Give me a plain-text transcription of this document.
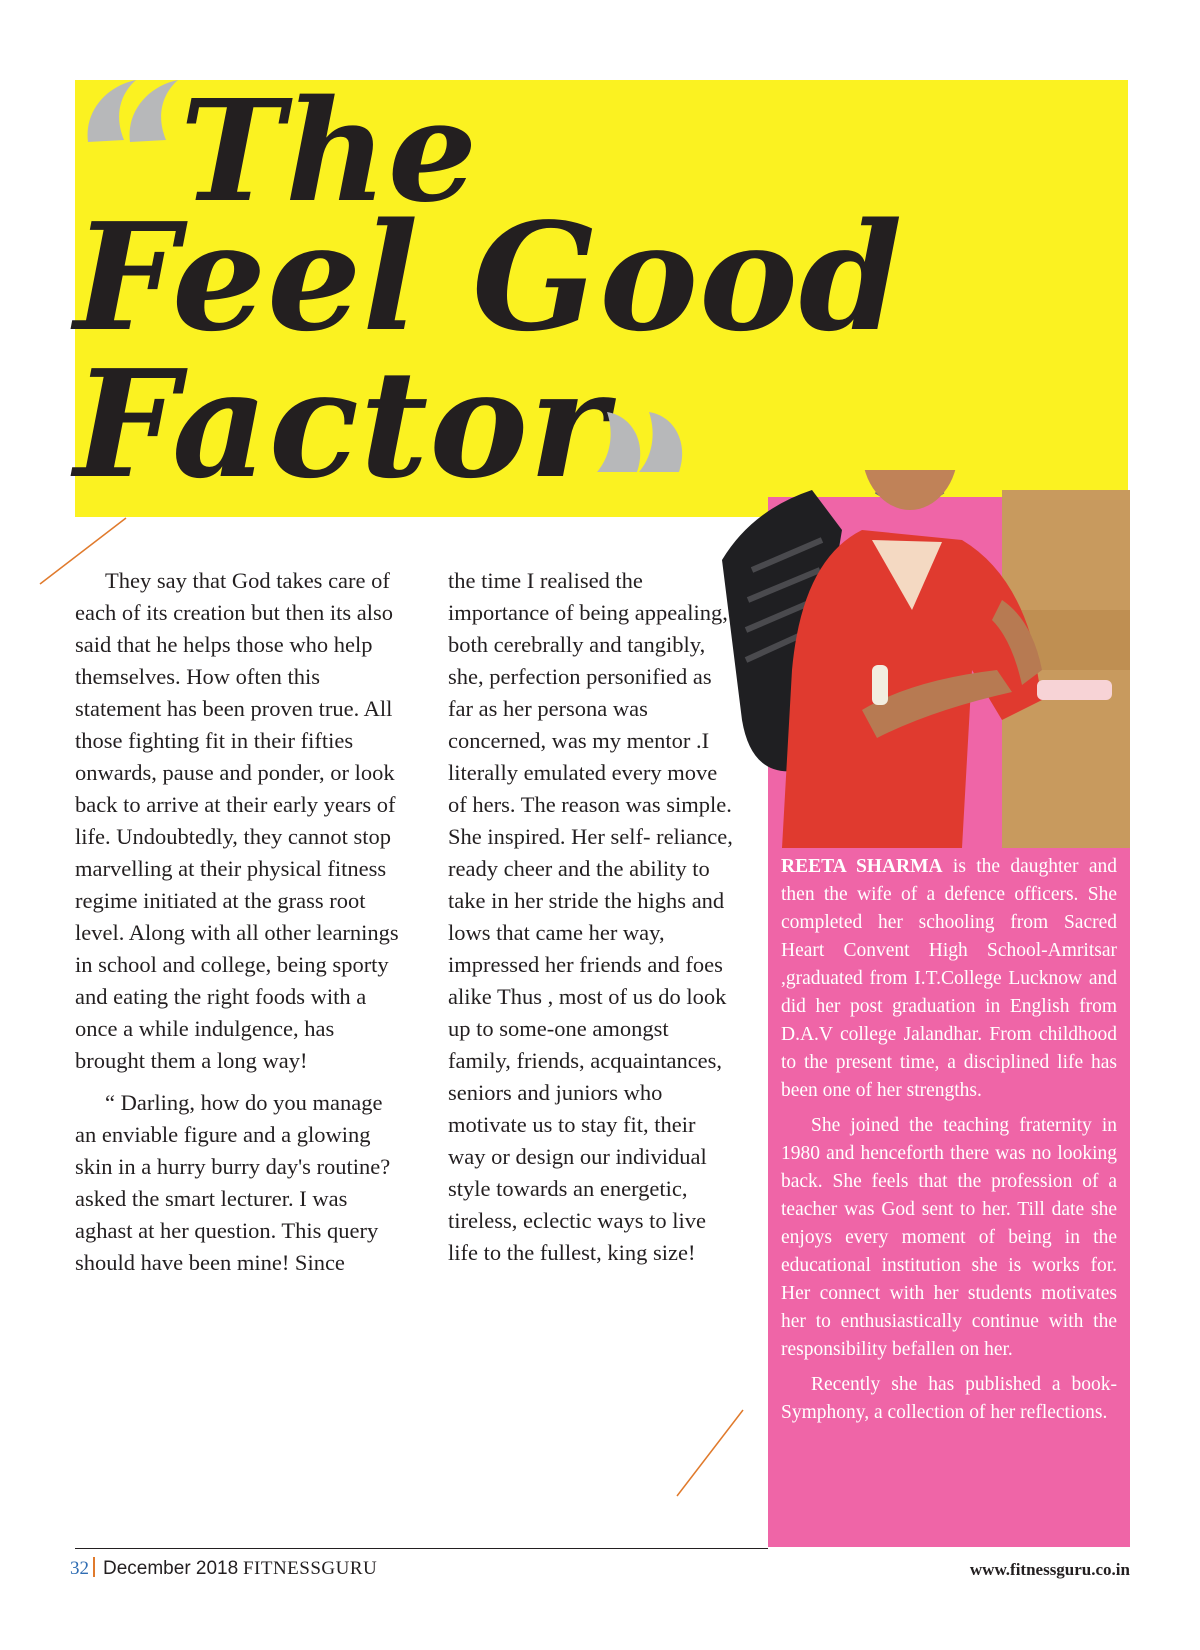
The
Feel Good
Factor

They say that God takes care of each of its creation but then its also said that he helps those who help themselves. How often this statement has been proven true. All those fighting fit in their fifties onwards, pause and ponder, or look back to arrive at their early years of life. Undoubtedly, they cannot stop marvelling at their physical fitness regime initiated at the grass root level. Along with all other learnings in school and college, being sporty and eating the right foods with a once a while indulgence, has brought them a long way!

“ Darling, how do you manage an enviable figure and a glowing skin in a hurry burry day's routine? asked the smart lecturer. I was aghast at her question. This query should have been mine! Since

the time I realised the importance of being appealing, both cerebrally and tangibly, she, perfection personified as far as her persona was concerned, was my mentor .I literally emulated every move of hers. The reason was simple. She inspired. Her self- reliance, ready cheer and the ability to take in her stride the highs and lows that came her way, impressed her friends and foes alike Thus , most of us do look up to some-one amongst family, friends, acquaintances, seniors and juniors who motivate us to stay fit, their way or design our individual style towards an energetic, tireless, eclectic ways to live life to the fullest, king size!

REETA SHARMA is the daughter and then the wife of a defence officers. She completed her schooling from Sacred Heart Convent High School-Amritsar ,graduated from I.T.College Lucknow and did her post graduation in English from D.A.V college Jalandhar. From childhood to the present time, a disciplined life has been one of her strengths.

She joined the teaching fraternity in 1980 and henceforth there was no looking back. She feels that the profession of a teacher was God sent to her. Till date she enjoys every moment of being in the educational institution she is works for. Her connect with her students motivates her to enthusiastically continue with the responsibility befallen on her.

Recently she has published a book-Symphony, a collection of her reflections.

32 December 2018 FITNESSGURU	www.fitnessguru.co.in
